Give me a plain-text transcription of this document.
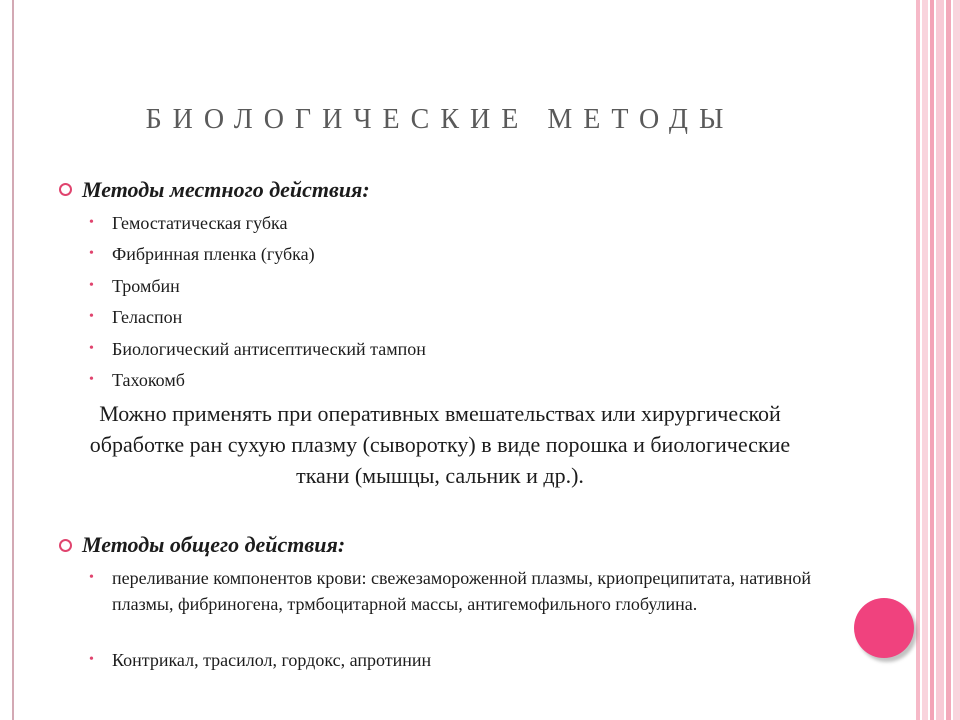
БИОЛОГИЧЕСКИЕ МЕТОДЫ
Методы местного действия:
• Гемостатическая губка
• Фибринная пленка (губка)
• Тромбин
• Геласпон
• Биологический антисептический тампон
• Тахокомб
Можно применять при оперативных вмешательствах или хирургической обработке ран сухую плазму (сыворотку) в виде порошка и биологические ткани (мышцы, сальник и др.).
Методы общего действия:
• переливание компонентов крови: свежезамороженной плазмы, криопреципитата, нативной плазмы, фибриногена, трмбоцитарной массы, антигемофильного глобулина.
• Контрикал, трасилол, гордокс, апротинин
